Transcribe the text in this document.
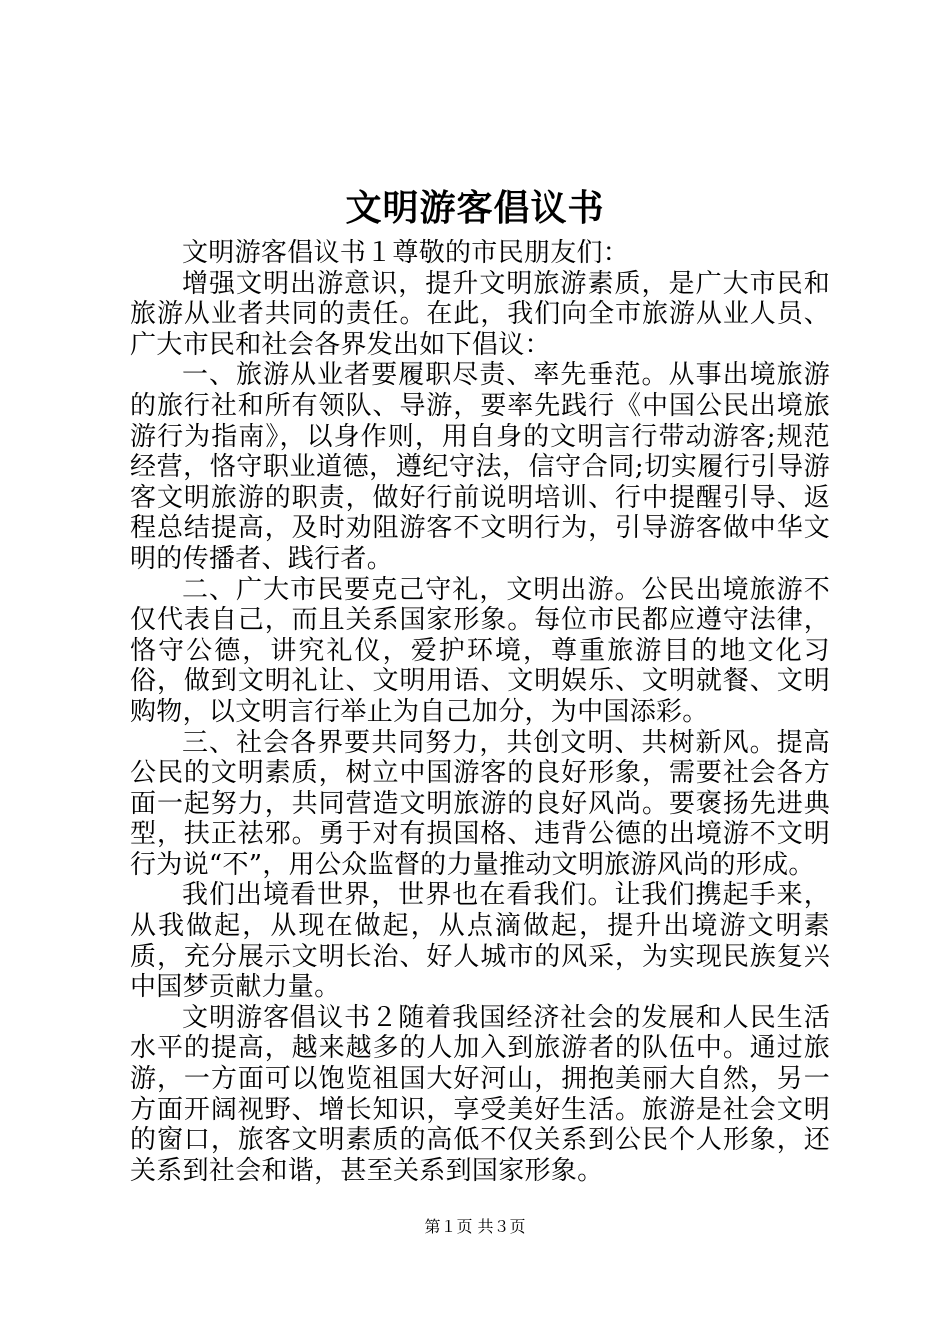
文明游客倡议书

文明游客倡议书１尊敬的市民朋友们：

增强文明出游意识，提升文明旅游素质，是广大市民和旅游从业者共同的责任。在此，我们向全市旅游从业人员、广大市民和社会各界发出如下倡议：

一、旅游从业者要履职尽责、率先垂范。从事出境旅游的旅行社和所有领队、导游，要率先践行《中国公民出境旅游行为指南》，以身作则，用自身的文明言行带动游客;规范经营，恪守职业道德，遵纪守法，信守合同;切实履行引导游客文明旅游的职责，做好行前说明培训、行中提醒引导、返程总结提高，及时劝阻游客不文明行为，引导游客做中华文明的传播者、践行者。

二、广大市民要克己守礼，文明出游。公民出境旅游不仅代表自己，而且关系国家形象。每位市民都应遵守法律，恪守公德，讲究礼仪，爱护环境，尊重旅游目的地文化习俗，做到文明礼让、文明用语、文明娱乐、文明就餐、文明购物，以文明言行举止为自己加分，为中国添彩。

三、社会各界要共同努力，共创文明、共树新风。提高公民的文明素质，树立中国游客的良好形象，需要社会各方面一起努力，共同营造文明旅游的良好风尚。要褒扬先进典型，扶正祛邪。勇于对有损国格、违背公德的出境游不文明行为说“不”，用公众监督的力量推动文明旅游风尚的形成。

我们出境看世界，世界也在看我们。让我们携起手来，从我做起，从现在做起，从点滴做起，提升出境游文明素质，充分展示文明长治、好人城市的风采，为实现民族复兴中国梦贡献力量。

文明游客倡议书２随着我国经济社会的发展和人民生活水平的提高，越来越多的人加入到旅游者的队伍中。通过旅游，一方面可以饱览祖国大好河山，拥抱美丽大自然，另一方面开阔视野、增长知识，享受美好生活。旅游是社会文明的窗口，旅客文明素质的高低不仅关系到公民个人形象，还关系到社会和谐，甚至关系到国家形象。

第１页 共３页
